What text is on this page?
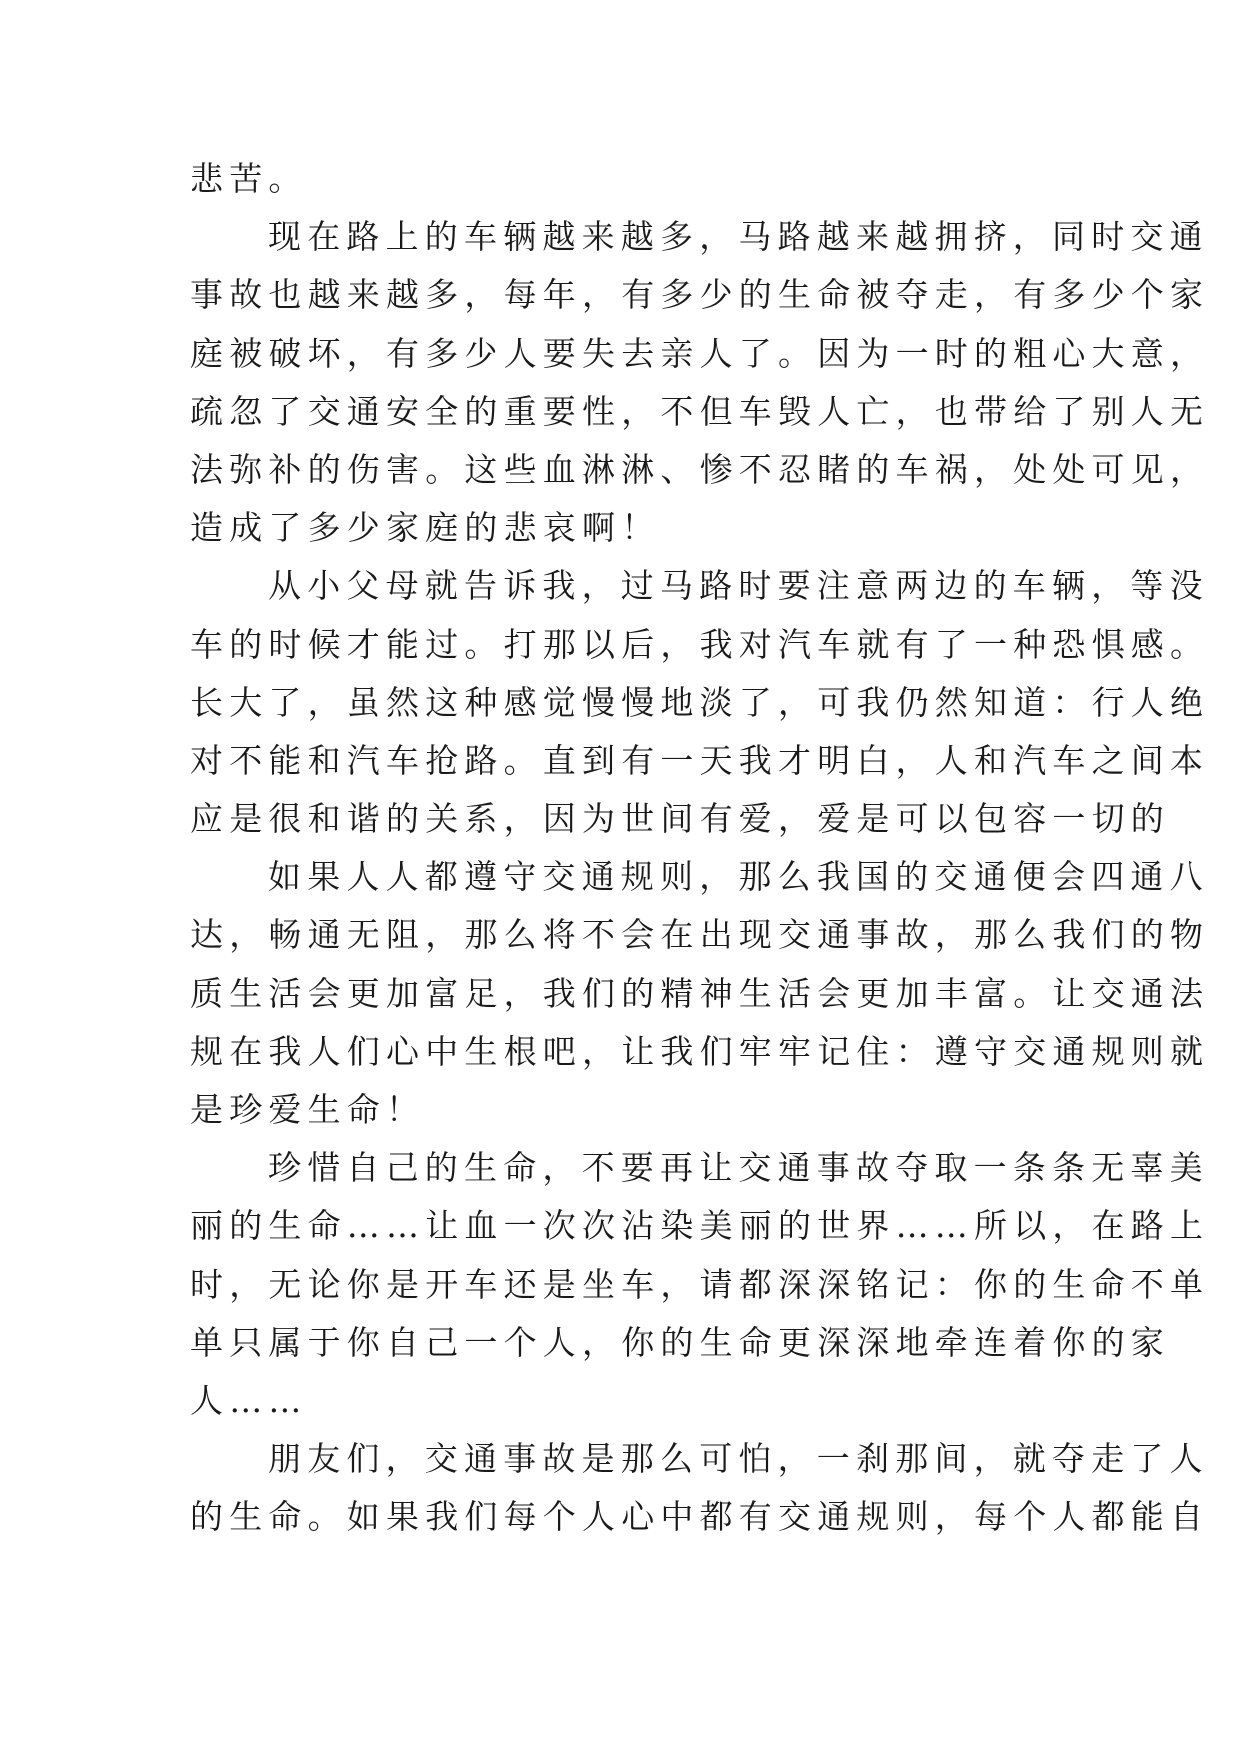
悲苦。

现在路上的车辆越来越多，马路越来越拥挤，同时交通

事故也越来越多，每年，有多少的生命被夺走，有多少个家
庭被破坏，有多少人要失去亲人了。因为一时的粗心大意，
疏忽了交通安全的重要性，不但车毁人亡，也带给了别人无
法弥补的伤害。这些血淋淋、惨不忍睹的车祸，处处可见，
造成了多少家庭的悲哀啊！

从小父母就告诉我，过马路时要注意两边的车辆，等没

车的时候才能过。打那以后，我对汽车就有了一种恐惧感。
长大了，虽然这种感觉慢慢地淡了，可我仍然知道：行人绝
对不能和汽车抢路。直到有一天我才明白，人和汽车之间本
应是很和谐的关系，因为世间有爱，爱是可以包容一切的

如果人人都遵守交通规则，那么我国的交通便会四通八

达，畅通无阻，那么将不会在出现交通事故，那么我们的物
质生活会更加富足，我们的精神生活会更加丰富。让交通法
规在我人们心中生根吧，让我们牢牢记住：遵守交通规则就
是珍爱生命！

珍惜自己的生命，不要再让交通事故夺取一条条无辜美

丽的生命……让血一次次沾染美丽的世界……所以，在路上
时，无论你是开车还是坐车，请都深深铭记：你的生命不单
单只属于你自己一个人，你的生命更深深地牵连着你的家
人……

朋友们，交通事故是那么可怕，一刹那间，就夺走了人

的生命。如果我们每个人心中都有交通规则，每个人都能自
